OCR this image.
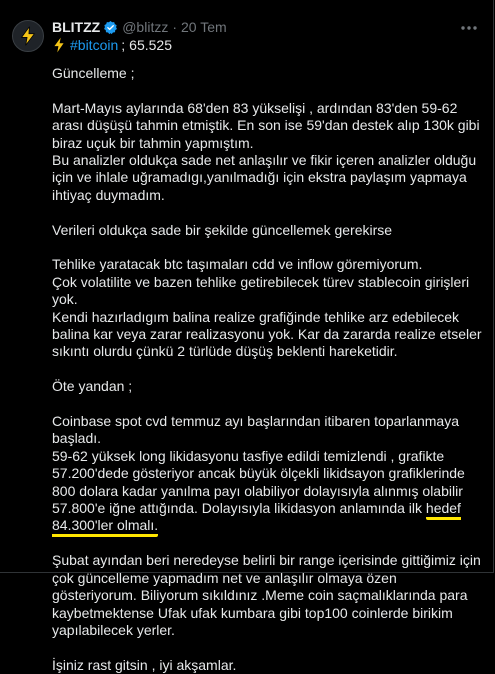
BLITZZ @blitzz · 20 Tem
#bitcoin ; 65.525

Güncelleme ;

Mart-Mayıs aylarında 68'den 83 yükselişi , ardından 83'den 59-62 arası düşüşü tahmin etmiştik. En son ise 59'dan destek alıp 130k gibi biraz uçuk bir tahmin yapmıştım.
Bu analizler oldukça sade net anlaşılır ve fikir içeren analizler olduğu için ve ihlale uğramadıgı,yanılmadığı için ekstra paylaşım yapmaya ihtiyaç duymadım.

Verileri oldukça sade bir şekilde güncellemek gerekirse

Tehlike yaratacak btc taşımaları cdd ve inflow göremiyorum.
Çok volatilite ve bazen tehlike getirebilecek türev stablecoin girişleri yok.
Kendi hazırladıgım balina realize grafiğinde tehlike arz edebilecek balina kar veya zarar realizasyonu yok. Kar da zararda realize etseler sıkıntı olurdu çünkü 2 türlüde düşüş beklenti hareketidir.

Öte yandan ;

Coinbase spot cvd temmuz ayı başlarından itibaren toparlanmaya başladı.
59-62 yüksek long likidasyonu tasfiye edildi temizlendi , grafikte 57.200'dede gösteriyor ancak büyük ölçekli likidsayon grafiklerinde 800 dolara kadar yanılma payı olabiliyor dolayısıyla alınmış olabilir 57.800'e iğne attığında. Dolayısıyla likidasyon anlamında ilk hedef 84.300'ler olmalı.

Şubat ayından beri neredeyse belirli bir range içerisinde gittiğimiz için çok güncelleme yapmadım net ve anlaşılır olmaya özen gösteriyorum. Biliyorum sıkıldınız .Meme coin saçmalıklarında para kaybetmektense Ufak ufak kumbara gibi top100 coinlerde birikim yapılabilecek yerler.

İşiniz rast gitsin , iyi akşamlar.
